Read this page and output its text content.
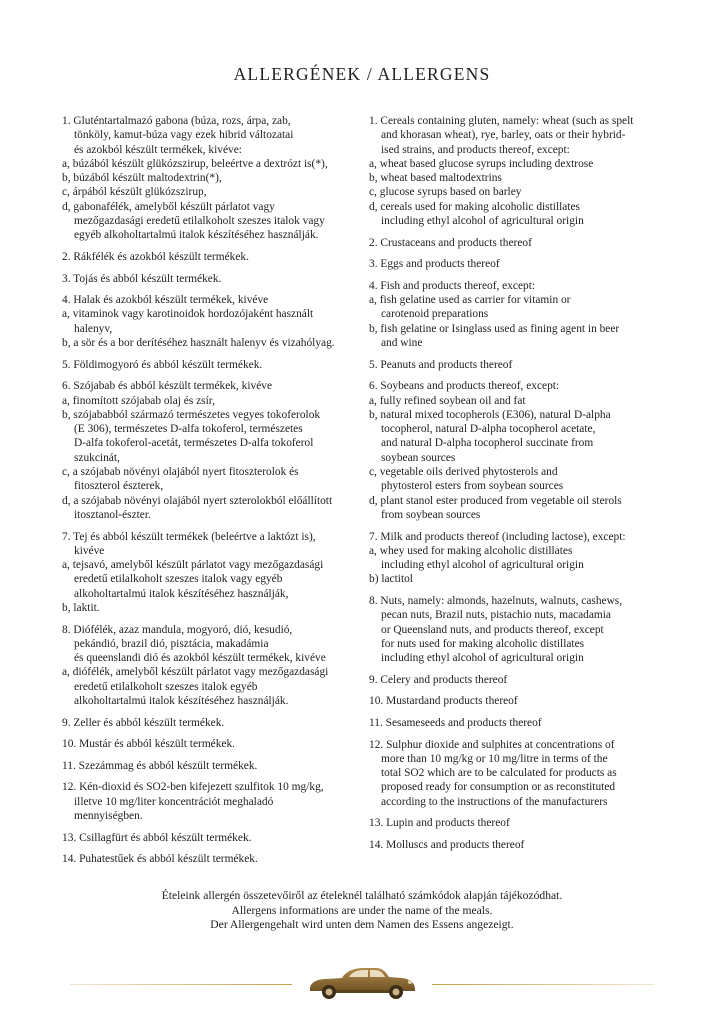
ALLERGÉNEK / ALLERGENS
1. Gluténtartalmazó gabona (búza, rozs, árpa, zab,
tönköly, kamut-búza vagy ezek hibrid változatai
és azokból készült termékek, kivéve:
a, búzából készült glükózszirup, beleértve a dextrózt is(*),
b, búzából készült maltodextrin(*),
c, árpából készült glükózszirup,
d, gabonafélék, amelyből készült párlatot vagy
mezőgazdasági eredetű etilalkoholt szeszes italok vagy
egyéb alkoholtartalmú italok készítéséhez használják.
2. Rákfélék és azokból készült termékek.
3. Tojás és abból készült termékek.
4. Halak és azokból készült termékek, kivéve
a, vitaminok vagy karotinoidok hordozójaként használt
halenyv,
b, a sör és a bor derítéséhez használt halenyv és vizahólyag.
5. Földimogyoró és abból készült termékek.
6. Szójabab és abból készült termékek, kivéve
a, finomított szójabab olaj és zsír,
b, szójababból származó természetes vegyes tokoferolok
(E 306), természetes D-alfa tokoferol, természetes
D-alfa tokoferol-acetát, természetes D-alfa tokoferol
szukcinát,
c, a szójabab növényi olajából nyert fitoszterolok és
fitoszterol észterek,
d, a szójabab növényi olajából nyert szterolokból előállított
itosztanol-észter.
7. Tej és abból készült termékek (beleértve a laktózt is),
kivéve
a, tejsavó, amelyből készült párlatot vagy mezőgazdasági
eredetű etilalkoholt szeszes italok vagy egyéb
alkoholtartalmú italok készítéséhez használják,
b, laktit.
8. Diófélék, azaz mandula, mogyoró, dió, kesudió,
pekándió, brazil dió, pisztácia, makadámia
és queenslandi dió és azokból készült termékek, kivéve
a, diófélék, amelyből készült párlatot vagy mezőgazdasági
eredetű etilalkoholt szeszes italok egyéb
alkoholtartalmú italok készítéséhez használják.
9. Zeller és abból készült termékek.
10. Mustár és abból készült termékek.
11. Szezámmag és abból készült termékek.
12. Kén-dioxid és SO2-ben kifejezett szulfitok 10 mg/kg,
illetve 10 mg/liter koncentrációt meghaladó
mennyiségben.
13. Csillagfürt és abból készült termékek.
14. Puhatestűek és abból készült termékek.
1. Cereals containing gluten, namely: wheat (such as spelt
and khorasan wheat), rye, barley, oats or their hybrid-
ised strains, and products thereof, except:
a, wheat based glucose syrups including dextrose
b, wheat based maltodextrins
c, glucose syrups based on barley
d, cereals used for making alcoholic distillates
including ethyl alcohol of agricultural origin
2. Crustaceans and products thereof
3. Eggs and products thereof
4. Fish and products thereof, except:
a, fish gelatine used as carrier for vitamin or
carotenoid preparations
b, fish gelatine or Isinglass used as fining agent in beer
and wine
5. Peanuts and products thereof
6. Soybeans and products thereof, except:
a, fully refined soybean oil and fat
b, natural mixed tocopherols (E306), natural D-alpha
tocopherol, natural D-alpha tocopherol acetate,
and natural D-alpha tocopherol succinate from
soybean sources
c, vegetable oils derived phytosterols and
phytosterol esters from soybean sources
d, plant stanol ester produced from vegetable oil sterols
from soybean sources
7. Milk and products thereof (including lactose), except:
a, whey used for making alcoholic distillates
including ethyl alcohol of agricultural origin
b) lactitol
8. Nuts, namely: almonds, hazelnuts, walnuts, cashews,
pecan nuts, Brazil nuts, pistachio nuts, macadamia
or Queensland nuts, and products thereof, except
for nuts used for making alcoholic distillates
including ethyl alcohol of agricultural origin
9. Celery and products thereof
10. Mustardand products thereof
11. Sesameseeds and products thereof
12. Sulphur dioxide and sulphites at concentrations of
more than 10 mg/kg or 10 mg/litre in terms of the
total SO2 which are to be calculated for products as
proposed ready for consumption or as reconstituted
according to the instructions of the manufacturers
13. Lupin and products thereof
14. Molluscs and products thereof
Ételeink allergén összetevőiről az ételeknél található számkódok alapján tájékozódhat.
Allergens informations are under the name of the meals.
Der Allergengehalt wird unten dem Namen des Essens angezeigt.
